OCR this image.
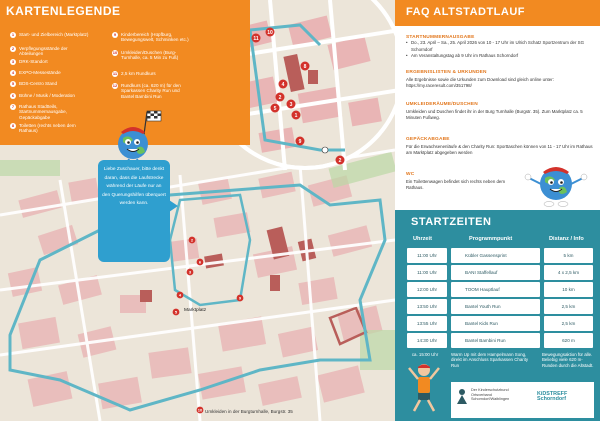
10
11
8
4
2
3
5
1
9
2
2
3
4
5
6
9
10
Marktplatz
Umkleiden in der Burgturnhalle, Burgstr. 35
KARTENLEGENDE
1	Start- und Zielbereich (Marktplatz)
2	Verpflegungsstände der Abteilungen
3	DRK-Standort
4	EXPO-Messestände
5	BDS-Centro Stand
6	Bühne / Musik / Moderation
7	Rathaus Stadtteils, Startnummernausgabe, Gepäckabgabe
8	Toiletten (rechts neben dem Rathaus)
9	Kinderbereich (Hüpfburg, Bewegungswelt, Schminken etc.)
10 Umkleiden/Duschen (Burg-Turnhalle, ca. 5 Min zu Fuß)
11 2,5 km Rundkurs
12 Rundkurs (ca. 620 m) für den Sparkassen Charity Run und Bantel Bambini Run
Liebe Zuschauer, bitte denkt daran, dass die Laufstrecke während der Läufe nur an den Querungshilfen überquert werden kann.
FAQ ALTSTADTLAUF
STARTNUMMERNAUSGABE
• Do., 23. April – Sa., 25. April 2026 von 10 - 17 Uhr im Ulrich Schatz Sportzentrum der SG Schorndorf
• Am Veranstaltungstag ab 9 Uhr im Rathaus Schorndorf
ERGEBNISLISTEN & URKUNDEN
Alle Ergebnisse sowie die Urkunden zum Download sind gleich online unter: https://my.raceresult.com/351798/
UMKLEIDERÄUME/DUSCHEN
Umkleiden und Duschen findet ihr in der Burg Turnhalle (Burgstr. 35). Zum Marktplatz ca. 5 Minuten Fußweg.
GEPÄCKABGABE
Für die Erwachsenenläufe & den Charity Run: Sporttaschen können von 11 - 17 Uhr im Rathaus am Marktplatz abgegeben werden
WC
Ein Toilettenwagen befindet sich rechts neben dem Rathaus.
STARTZEITEN
Uhrzeit	Programmpunkt	Distanz / Info
11:00 Uhr	Kübler Gassensprint	5 km
11:00 Uhr	BANI Staffellauf	4 x 2,5 km
12:00 Uhr	TOOM Hauptlauf	10 km
13:50 Uhr	Bantel Youth Run	2,5 km
13:55 Uhr	Bantel Kids Run	2,5 km
14:30 Uhr	Bantel Bambini Run	620 m
ca. 15:00 Uhr	Warm Up mit dem Hampelmann Song, direkt im Anschluss Sparkassen Charity Run
Bewegungsaktion für alle. Beliebig viele 620 m-Runden durch die Altstadt.
Der Kinderschutzbund Ortsverband Schorndorf/Waiblingen
KiDSTREFF Schorndorf
